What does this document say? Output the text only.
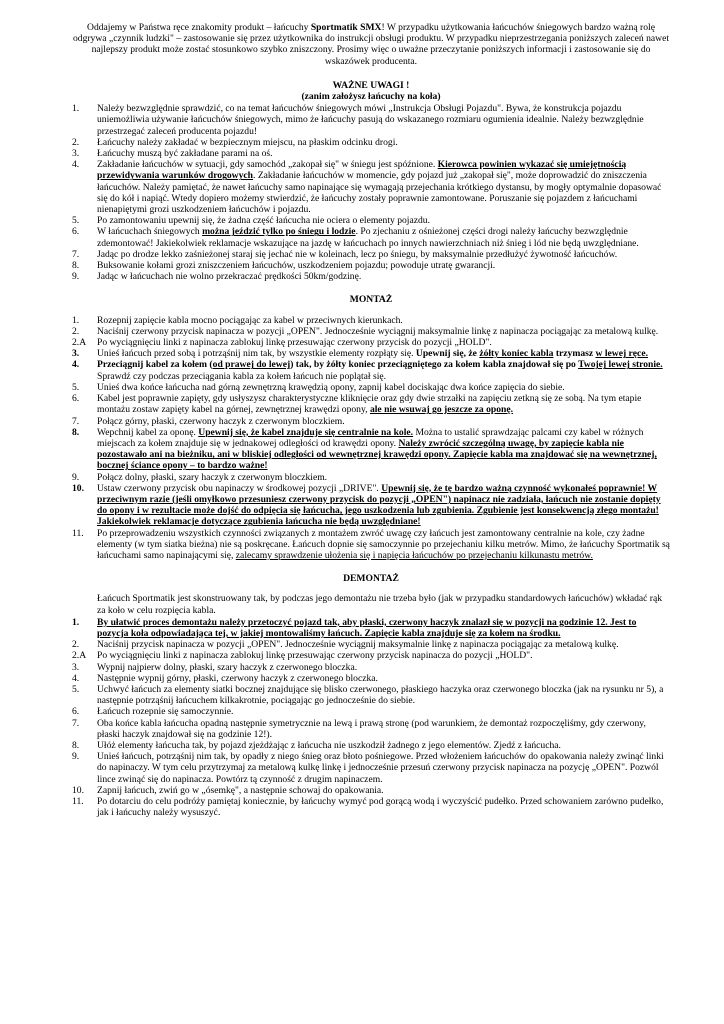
Oddajemy w Państwa ręce znakomity produkt – łańcuchy Sportmatik SMX! W przypadku użytkowania łańcuchów śniegowych bardzo ważną rolę odgrywa „czynnik ludzki" – zastosowanie się przez użytkownika do instrukcji obsługi produktu. W przypadku nieprzestrzegania poniższych zaleceń nawet najlepszy produkt może zostać stosunkowo szybko zniszczony. Prosimy więc o uważne przeczytanie poniższych informacji i zastosowanie się do wskazówek producenta.

WAŻNE UWAGI !
(zanim założysz łańcuchy na koła)
1.	Należy bezwzględnie sprawdzić, co na temat łańcuchów śniegowych mówi „Instrukcja Obsługi Pojazdu". Bywa, że konstrukcja pojazdu uniemożliwia używanie łańcuchów śniegowych, mimo że łańcuchy pasują do wskazanego rozmiaru ogumienia idealnie. Należy bezwzględnie przestrzegać zaleceń producenta pojazdu!
2.	Łańcuchy należy zakładać w bezpiecznym miejscu, na płaskim odcinku drogi.
3.	Łańcuchy muszą być zakładane parami na oś.
4.	Zakładanie łańcuchów w sytuacji, gdy samochód „zakopał się" w śniegu jest spóźnione. Kierowca powinien wykazać się umiejętnością przewidywania warunków drogowych. Zakładanie łańcuchów w momencie, gdy pojazd już „zakopał się", może doprowadzić do zniszczenia łańcuchów. Należy pamiętać, że nawet łańcuchy samo napinające się wymagają przejechania krótkiego dystansu, by mogły optymalnie dopasować się do kół i napiąć. Wtedy dopiero możemy stwierdzić, że łańcuchy zostały poprawnie zamontowane. Poruszanie się pojazdem z łańcuchami nienapiętymi grozi uszkodzeniem łańcuchów i pojazdu.
5.	Po zamontowaniu upewnij się, że żadna część łańcucha nie ociera o elementy pojazdu.
6.	W łańcuchach śniegowych można jeździć tylko po śniegu i lodzie. Po zjechaniu z ośnieżonej części drogi należy łańcuchy bezwzględnie zdemontować! Jakiekolwiek reklamacje wskazujące na jazdę w łańcuchach po innych nawierzchniach niż śnieg i lód nie będą uwzględniane.
7.	Jadąc po drodze lekko zaśnieżonej staraj się jechać nie w koleinach, lecz po śniegu, by maksymalnie przedłużyć żywotność łańcuchów.
8.	Buksowanie kołami grozi zniszczeniem łańcuchów, uszkodzeniem pojazdu; powoduje utratę gwarancji.
9.	Jadąc w łańcuchach nie wolno przekraczać prędkości 50km/godzinę.
MONTAŻ
1.	Rozepnij zapięcie kabla mocno pociągając za kabel w przeciwnych kierunkach.
2.	Naciśnij czerwony przycisk napinacza w pozycji „OPEN". Jednocześnie wyciągnij maksymalnie linkę z napinacza pociągając za metalową kulkę.
2.A	Po wyciągnięciu linki z napinacza zablokuj linkę przesuwając czerwony przycisk do pozycji „HOLD".
3.	Unieś łańcuch przed sobą i potrząśnij nim tak, by wszystkie elementy rozpłąty się. Upewnij się, że żółty koniec kabla trzymasz w lewej ręce.
4.	Przeciągnij kabel za kołem (od prawej do lewej) tak, by żółty koniec przeciągniętego za kołem kabla znajdował się po Twojej lewej stronie. Sprawdź czy podczas przeciągania kabla za kołem łańcuch nie poplątał się.
5.	Unieś dwa końce łańcucha nad górną zewnętrzną krawędzią opony, zapnij kabel dociskając dwa końce zapięcia do siebie.
6.	Kabel jest poprawnie zapięty, gdy usłyszysz charakterystyczne kliknięcie oraz gdy dwie strzałki na zapięciu zetkną się ze sobą. Na tym etapie montażu zostaw zapięty kabel na górnej, zewnętrznej krawędzi opony, ale nie wsuwaj go jeszcze za oponę.
7.	Połącz górny, płaski, czerwony haczyk z czerwonym bloczkiem.
8.	Wepchnij kabel za oponę. Upewnij się, że kabel znajduje się centralnie na kole. Można to ustalić sprawdzając palcami czy kabel w różnych miejscach za kołem znajduje się w jednakowej odległości od krawędzi opony. Należy zwrócić szczególną uwagę, by zapięcie kabla nie pozostawało ani na bieżniku, ani w bliskiej odległości od wewnętrznej krawędzi opony. Zapięcie kabla ma znajdować się na wewnętrznej, bocznej ściance opony – to bardzo ważne!
9.	Połącz dolny, płaski, szary haczyk z czerwonym bloczkiem.
10.	Ustaw czerwony przycisk obu napinaczy w środkowej pozycji „DRIVE". Upewnij się, że tę bardzo ważną czynność wykonałeś poprawnie! W przeciwnym razie (jeśli omyłkowo przesuniesz czerwony przycisk do pozycji „OPEN") napinacz nie zadziała, łańcuch nie zostanie dopięty do opony i w rezultacie może dojść do odpięcia się łańcucha, jego uszkodzenia lub zgubienia. Zgubienie jest konsekwencją złego montażu! Jakiekolwiek reklamacje dotyczące zgubienia łańcucha nie będą uwzględniane!
11.	Po przeprowadzeniu wszystkich czynności związanych z montażem zwróć uwagę czy łańcuch jest zamontowany centralnie na kole, czy żadne elementy (w tym siatka bieżna) nie są poskręcane. Łańcuch dopnie się samoczynnie po przejechaniu kilku metrów. Mimo, że łańcuchy Sportmatik są łańcuchami samo napinającymi się, zalecamy sprawdzenie ułożenia się i napięcia łańcuchów po przejechaniu kilkunastu metrów.
DEMONTAŻ

Łańcuch Sportmatik jest skonstruowany tak, by podczas jego demontażu nie trzeba było (jak w przypadku standardowych łańcuchów) wkładać rąk za koło w celu rozpięcia kabla.

1.	By ułatwić proces demontażu należy przetoczyć pojazd tak, aby płaski, czerwony haczyk znalazł się w pozycji na godzinie 12. Jest to pozycja koła odpowiadająca tej, w jakiej montowaliśmy łańcuch. Zapięcie kabla znajduje się za kołem na środku.
2.	Naciśnij przycisk napinacza w pozycji „OPEN". Jednocześnie wyciągnij maksymalnie linkę z napinacza pociągając za metalową kulkę.
2.A	Po wyciągnięciu linki z napinacza zablokuj linkę przesuwając czerwony przycisk napinacza do pozycji „HOLD".
3.	Wypnij najpierw dolny, płaski, szary haczyk z czerwonego bloczka.
4.	Następnie wypnij górny, płaski, czerwony haczyk z czerwonego bloczka.
5.	Uchwyć łańcuch za elementy siatki bocznej znajdujące się blisko czerwonego, płaskiego haczyka oraz czerwonego bloczka (jak na rysunku nr 5), a następnie potrząśnij łańcuchem kilkakrotnie, pociągając go jednocześnie do siebie.
6.	Łańcuch rozepnie się samoczynnie.
7.	Oba końce kabla łańcucha opadną następnie symetrycznie na lewą i prawą stronę (pod warunkiem, że demontaż rozpoczęliśmy, gdy czerwony, płaski haczyk znajdował się na godzinie 12!).
8.	Ułóż elementy łańcucha tak, by pojazd zjeżdżając z łańcucha nie uszkodził żadnego z jego elementów. Zjedź z łańcucha.
9.	Unieś łańcuch, potrząśnij nim tak, by opadły z niego śnieg oraz błoto pośniegowe. Przed włożeniem łańcuchów do opakowania należy zwinąć linki do napinaczy. W tym celu przytrzymaj za metalową kulkę linkę i jednocześnie przesuń czerwony przycisk napinacza na pozycję „OPEN". Pozwól lince zwinąć się do napinacza. Powtórz tą czynność z drugim napinaczem.
10.	Zapnij łańcuch, zwiń go w „ósemkę", a następnie schowaj do opakowania.
11.	Po dotarciu do celu podróży pamiętaj koniecznie, by łańcuchy wymyć pod gorącą wodą i wyczyścić pudełko. Przed schowaniem zarówno pudełko, jak i łańcuchy należy wysuszyć.
